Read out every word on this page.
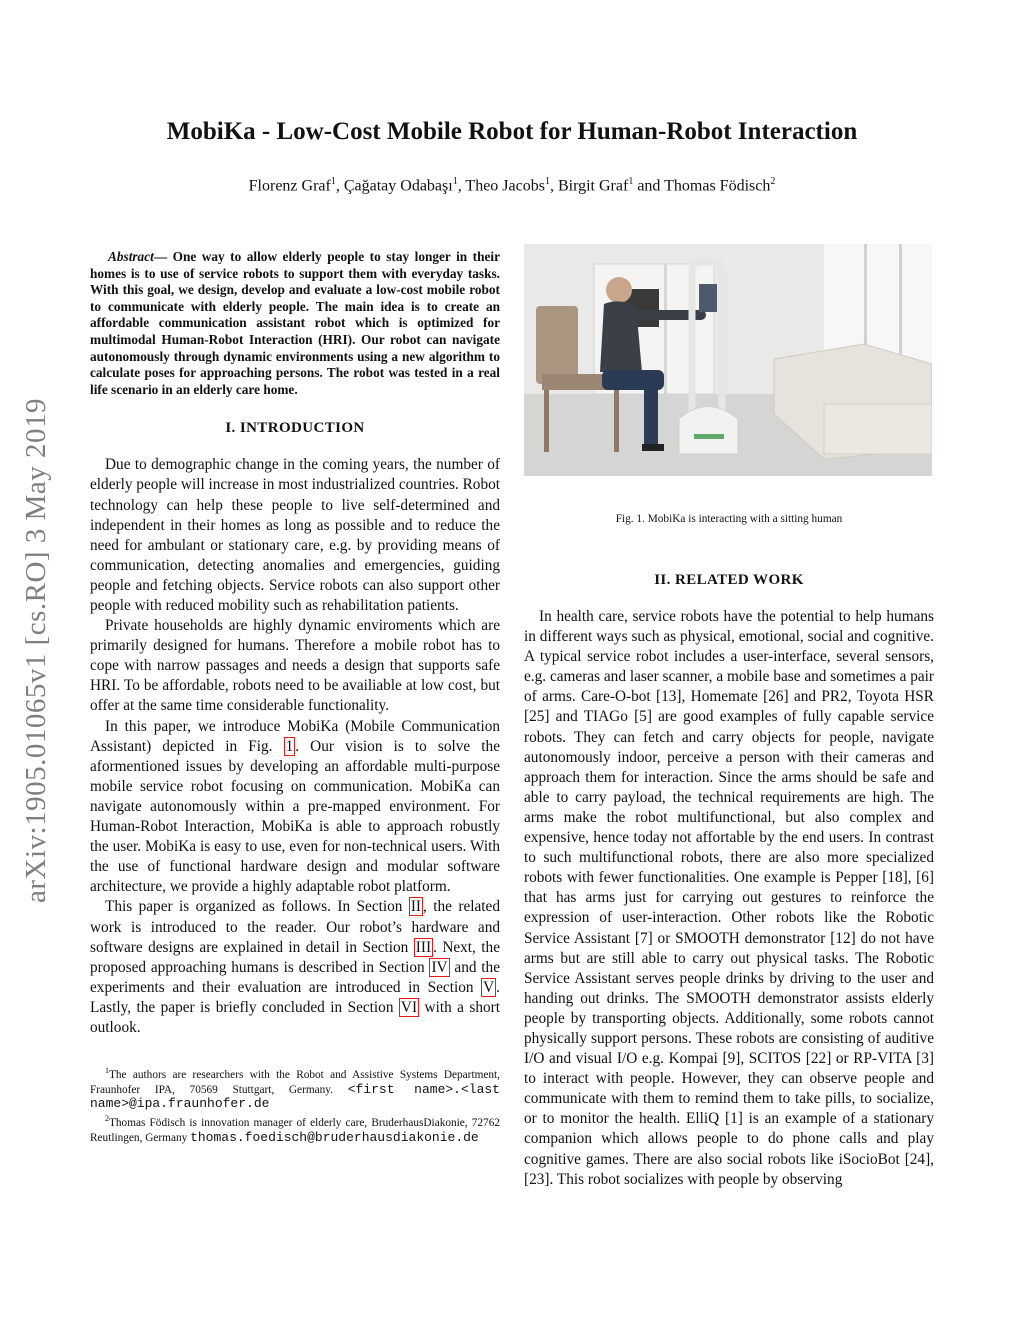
arXiv:1905.01065v1 [cs.RO] 3 May 2019
MobiKa - Low-Cost Mobile Robot for Human-Robot Interaction

Florenz Graf$^1$, Çağatay Odabaşı$^1$, Theo Jacobs$^1$, Birgit Graf$^1$ and Thomas Födisch$^2$

Abstract— One way to allow elderly people to stay longer in their homes is to use of service robots to support them with everyday tasks. With this goal, we design, develop and evaluate a low-cost mobile robot to communicate with elderly people. The main idea is to create an affordable communication assistant robot which is optimized for multimodal Human-Robot Interaction (HRI). Our robot can navigate autonomously through dynamic environments using a new algorithm to calculate poses for approaching persons. The robot was tested in a real life scenario in an elderly care home.

I. INTRODUCTION

Due to demographic change in the coming years, the number of elderly people will increase in most industrialized countries. Robot technology can help these people to live self-determined and independent in their homes as long as possible and to reduce the need for ambulant or stationary care, e.g. by providing means of communication, detecting anomalies and emergencies, guiding people and fetching objects. Service robots can also support other people with reduced mobility such as rehabilitation patients.

Private households are highly dynamic enviroments which are primarily designed for humans. Therefore a mobile robot has to cope with narrow passages and needs a design that supports safe HRI. To be affordable, robots need to be availiable at low cost, but offer at the same time considerable functionality.

In this paper, we introduce MobiKa (Mobile Communication Assistant) depicted in Fig. 1 . Our vision is to solve the aformentioned issues by developing an affordable multi-purpose mobile service robot focusing on communication. MobiKa can navigate autonomously within a pre-mapped environment. For Human-Robot Interaction, MobiKa is able to approach robustly the user. MobiKa is easy to use, even for non-technical users. With the use of functional hardware design and modular software architecture, we provide a highly adaptable robot platform.

This paper is organized as follows. In Section II , the related work is introduced to the reader. Our robot’s hardware and software designs are explained in detail in Section III . Next, the proposed approaching humans is described in Section IV and the experiments and their evaluation are introduced in Section V . Lastly, the paper is briefly concluded in Section VI with a short outlook.

$^1$The authors are researchers with the Robot and Assistive Systems Department, Fraunhofer IPA, 70569 Stuttgart, Germany. <first name>.<last name>@ipa.fraunhofer.de

$^2$Thomas Födisch is innovation manager of elderly care, BruderhausDiakonie, 72762 Reutlingen, Germany thomas.foedisch@bruderhausdiakonie.de

Fig. 1. MobiKa is interacting with a sitting human

II. RELATED WORK

In health care, service robots have the potential to help humans in different ways such as physical, emotional, social and cognitive. A typical service robot includes a user-interface, several sensors, e.g. cameras and laser scanner, a mobile base and sometimes a pair of arms. Care-O-bot [13], Homemate [26] and PR2, Toyota HSR [25] and TIAGo [5] are good examples of fully capable service robots. They can fetch and carry objects for people, navigate autonomously indoor, perceive a person with their cameras and approach them for interaction. Since the arms should be safe and able to carry payload, the technical requirements are high. The arms make the robot multifunctional, but also complex and expensive, hence today not affortable by the end users. In contrast to such multifunctional robots, there are also more specialized robots with fewer functionalities. One example is Pepper [18], [6] that has arms just for carrying out gestures to reinforce the expression of user-interaction. Other robots like the Robotic Service Assistant [7] or SMOOTH demonstrator [12] do not have arms but are still able to carry out physical tasks. The Robotic Service Assistant serves people drinks by driving to the user and handing out drinks. The SMOOTH demonstrator assists elderly people by transporting objects. Additionally, some robots cannot physically support persons. These robots are consisting of auditive I/O and visual I/O e.g. Kompai [9], SCITOS [22] or RP-VITA [3] to interact with people. However, they can observe people and communicate with them to remind them to take pills, to socialize, or to monitor the health. ElliQ [1] is an example of a stationary companion which allows people to do phone calls and play cognitive games. There are also social robots like iSocioBot [24], [23]. This robot socializes with people by observing
